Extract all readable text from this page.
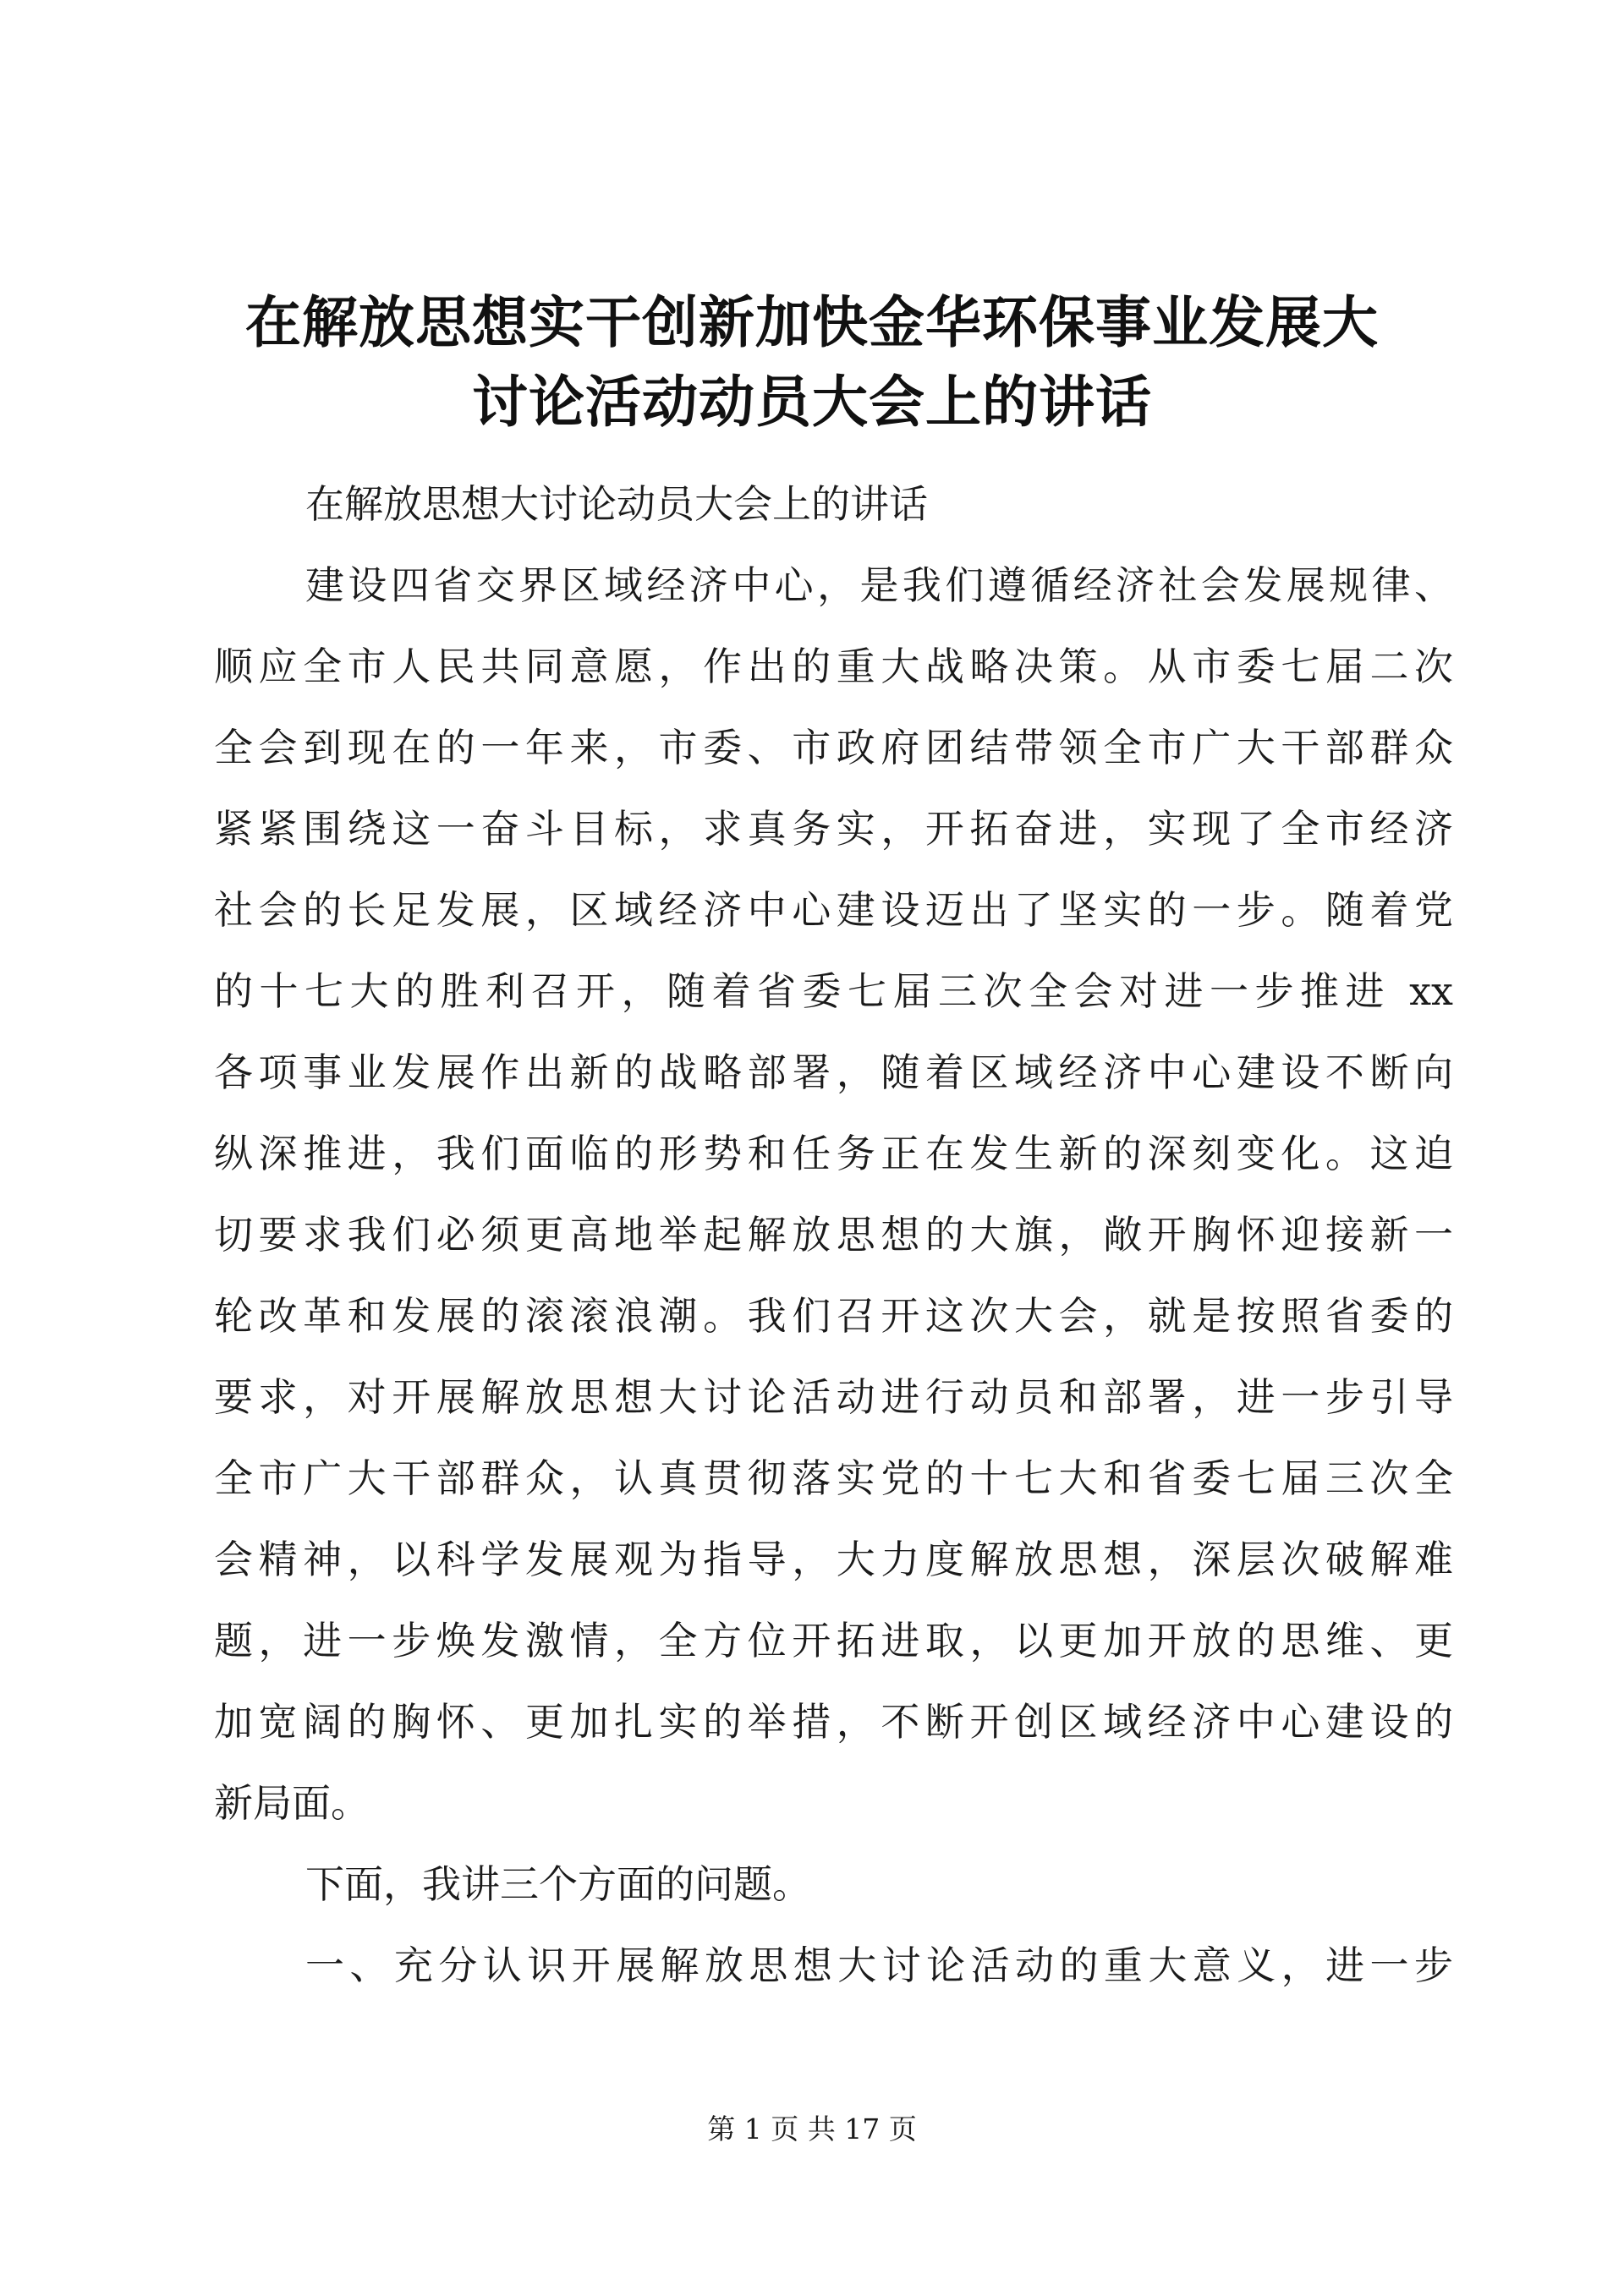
在解放思想实干创新加快金华环保事业发展大
讨论活动动员大会上的讲话
在解放思想大讨论动员大会上的讲话
建设四省交界区域经济中心，是我们遵循经济社会发展规律、
顺应全市人民共同意愿，作出的重大战略决策。从市委七届二次
全会到现在的一年来，市委、市政府团结带领全市广大干部群众
紧紧围绕这一奋斗目标，求真务实，开拓奋进，实现了全市经济
社会的长足发展，区域经济中心建设迈出了坚实的一步。随着党
的十七大的胜利召开，随着省委七届三次全会对进一步推进 xx
各项事业发展作出新的战略部署，随着区域经济中心建设不断向
纵深推进，我们面临的形势和任务正在发生新的深刻变化。这迫
切要求我们必须更高地举起解放思想的大旗，敞开胸怀迎接新一
轮改革和发展的滚滚浪潮。我们召开这次大会，就是按照省委的
要求，对开展解放思想大讨论活动进行动员和部署，进一步引导
全市广大干部群众，认真贯彻落实党的十七大和省委七届三次全
会精神，以科学发展观为指导，大力度解放思想，深层次破解难
题，进一步焕发激情，全方位开拓进取，以更加开放的思维、更
加宽阔的胸怀、更加扎实的举措，不断开创区域经济中心建设的
新局面。
下面，我讲三个方面的问题。
一、充分认识开展解放思想大讨论活动的重大意义，进一步
第 1 页 共 17 页
